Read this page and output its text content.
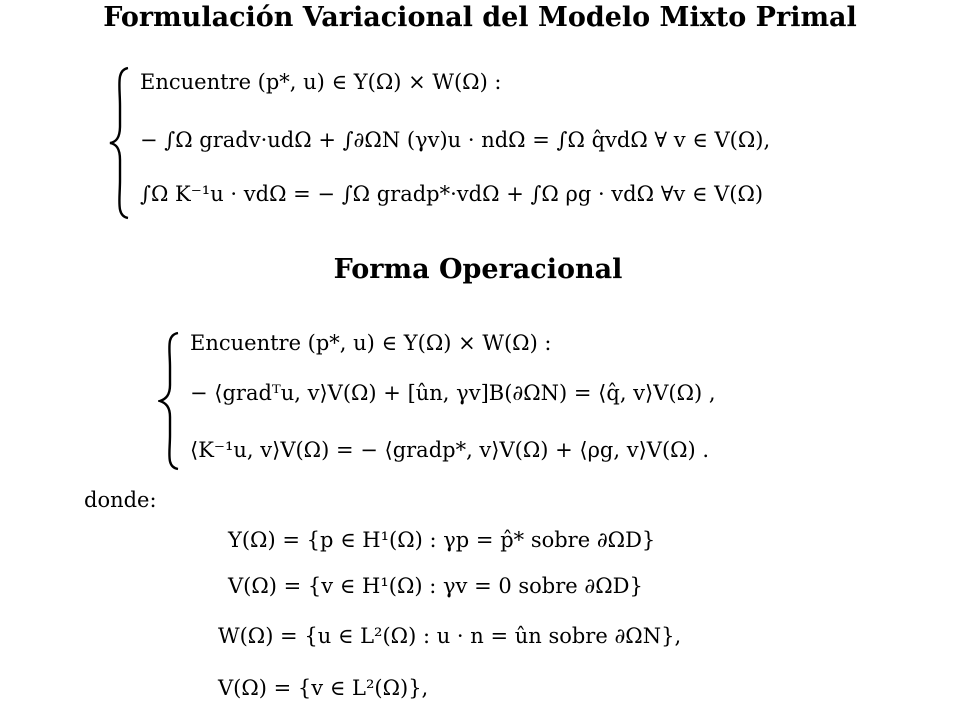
Formulación Variacional del Modelo Mixto Primal
Encuentre (p*, u) ∈ Y(Ω) × W(Ω) :
− ∫Ω gradv·udΩ + ∫∂ΩN (γv)u · ndΩ = ∫Ω q̂vdΩ ∀ v ∈ V(Ω),
∫Ω K⁻¹u · vdΩ = − ∫Ω gradp*·vdΩ + ∫Ω ρg · vdΩ ∀v ∈ V(Ω)
Forma Operacional
Encuentre (p*, u) ∈ Y(Ω) × W(Ω) :
− ⟨gradᵀu, v⟩V(Ω) + [ûn, γv]B(∂ΩN) = ⟨q̂, v⟩V(Ω) ,
⟨K⁻¹u, v⟩V(Ω) = − ⟨gradp*, v⟩V(Ω) + ⟨ρg, v⟩V(Ω) .
donde:
Y(Ω) = {p ∈ H¹(Ω) : γp = p̂* sobre ∂ΩD}
V(Ω) = {v ∈ H¹(Ω) : γv = 0 sobre ∂ΩD}
W(Ω) = {u ∈ L²(Ω) : u · n = ûn sobre ∂ΩN},
V(Ω) = {v ∈ L²(Ω)},
